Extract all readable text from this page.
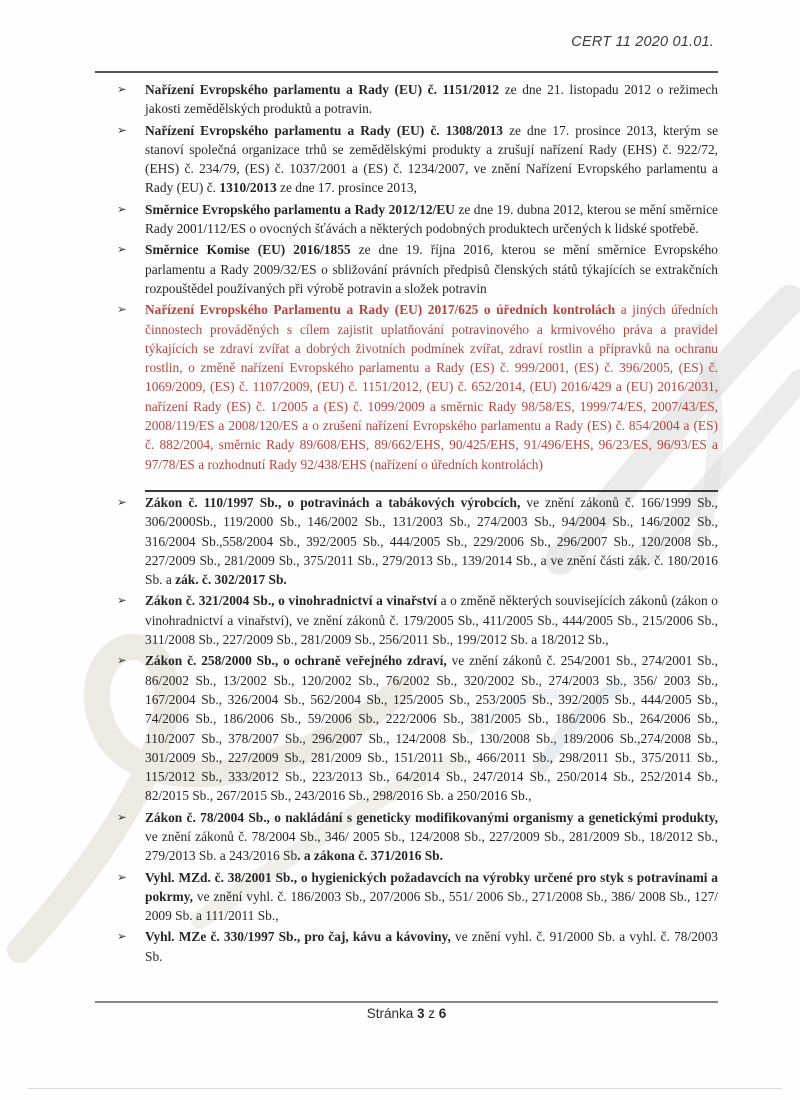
CERT 11 2020 01.01.
➢ Nařízení Evropského parlamentu a Rady (EU) č. 1151/2012 ze dne 21. listopadu 2012 o režimech jakosti zemědělských produktů a potravin.
➢ Nařízení Evropského parlamentu a Rady (EU) č. 1308/2013 ze dne 17. prosince 2013, kterým se stanoví společná organizace trhů se zemědělskými produkty a zrušují nařízení Rady (EHS) č. 922/72, (EHS) č. 234/79, (ES) č. 1037/2001 a (ES) č. 1234/2007, ve znění Nařízení Evropského parlamentu a Rady (EU) č. 1310/2013 ze dne 17. prosince 2013,
➢ Směrnice Evropského parlamentu a Rady 2012/12/EU ze dne 19. dubna 2012, kterou se mění směrnice Rady 2001/112/ES o ovocných šťávách a některých podobných produktech určených k lidské spotřebě.
➢ Směrnice Komise (EU) 2016/1855 ze dne 19. října 2016, kterou se mění směrnice Evropského parlamentu a Rady 2009/32/ES o sbližování právních předpisů členských států týkajících se extrakčních rozpouštědel používaných při výrobě potravin a složek potravin
➢ Nařízení Evropského Parlamentu a Rady (EU) 2017/625 o úředních kontrolách a jiných úředních činnostech prováděných s cílem zajistit uplatňování potravinového a krmivového práva a pravidel týkajících se zdraví zvířat a dobrých životních podmínek zvířat, zdraví rostlin a přípravků na ochranu rostlin, o změně nařízení Evropského parlamentu a Rady (ES) č. 999/2001, (ES) č. 396/2005, (ES) č. 1069/2009, (ES) č. 1107/2009, (EU) č. 1151/2012, (EU) č. 652/2014, (EU) 2016/429 a (EU) 2016/2031, nařízení Rady (ES) č. 1/2005 a (ES) č. 1099/2009 a směrnic Rady 98/58/ES, 1999/74/ES, 2007/43/ES, 2008/119/ES a 2008/120/ES a o zrušení nařízení Evropského parlamentu a Rady (ES) č. 854/2004 a (ES) č. 882/2004, směrnic Rady 89/608/EHS, 89/662/EHS, 90/425/EHS, 91/496/EHS, 96/23/ES, 96/93/ES a 97/78/ES a rozhodnutí Rady 92/438/EHS (nařízení o úředních kontrolách)
➢ Zákon č. 110/1997 Sb., o potravinách a tabákových výrobcích, ve znění zákonů č. 166/1999 Sb., 306/2000Sb., 119/2000 Sb., 146/2002 Sb., 131/2003 Sb., 274/2003 Sb., 94/2004 Sb., 146/2002 Sb., 316/2004 Sb.,558/2004 Sb., 392/2005 Sb., 444/2005 Sb., 229/2006 Sb., 296/2007 Sb., 120/2008 Sb., 227/2009 Sb., 281/2009 Sb., 375/2011 Sb., 279/2013 Sb., 139/2014 Sb., a ve znění části zák. č. 180/2016 Sb. a zák. č. 302/2017 Sb.
➢ Zákon č. 321/2004 Sb., o vinohradnictví a vinařství a o změně některých souvisejících zákonů (zákon o vinohradnictví a vinařství), ve znění zákonů č. 179/2005 Sb., 411/2005 Sb., 444/2005 Sb., 215/2006 Sb., 311/2008 Sb., 227/2009 Sb., 281/2009 Sb., 256/2011 Sb., 199/2012 Sb. a 18/2012 Sb.,
➢ Zákon č. 258/2000 Sb., o ochraně veřejného zdraví, ve znění zákonů č. 254/2001 Sb., 274/2001 Sb., 86/2002 Sb., 13/2002 Sb., 120/2002 Sb., 76/2002 Sb., 320/2002 Sb., 274/2003 Sb., 356/ 2003 Sb., 167/2004 Sb., 326/2004 Sb., 562/2004 Sb., 125/2005 Sb., 253/2005 Sb., 392/2005 Sb., 444/2005 Sb., 74/2006 Sb., 186/2006 Sb., 59/2006 Sb., 222/2006 Sb., 381/2005 Sb., 186/2006 Sb., 264/2006 Sb., 110/2007 Sb., 378/2007 Sb., 296/2007 Sb., 124/2008 Sb., 130/2008 Sb., 189/2006 Sb.,274/2008 Sb., 301/2009 Sb., 227/2009 Sb., 281/2009 Sb., 151/2011 Sb., 466/2011 Sb., 298/2011 Sb., 375/2011 Sb., 115/2012 Sb., 333/2012 Sb., 223/2013 Sb., 64/2014 Sb., 247/2014 Sb., 250/2014 Sb., 252/2014 Sb., 82/2015 Sb., 267/2015 Sb., 243/2016 Sb., 298/2016 Sb. a 250/2016 Sb.,
➢ Zákon č. 78/2004 Sb., o nakládání s geneticky modifikovanými organismy a genetickými produkty, ve znění zákonů č. 78/2004 Sb., 346/ 2005 Sb., 124/2008 Sb., 227/2009 Sb., 281/2009 Sb., 18/2012 Sb., 279/2013 Sb. a 243/2016 Sb. a zákona č. 371/2016 Sb.
➢ Vyhl. MZd. č. 38/2001 Sb., o hygienických požadavcích na výrobky určené pro styk s potravinami a pokrmy, ve znění vyhl. č. 186/2003 Sb., 207/2006 Sb., 551/ 2006 Sb., 271/2008 Sb., 386/ 2008 Sb., 127/ 2009 Sb. a 111/2011 Sb.,
➢ Vyhl. MZe č. 330/1997 Sb., pro čaj, kávu a kávoviny, ve znění vyhl. č. 91/2000 Sb. a vyhl. č. 78/2003 Sb.
Stránka 3 z 6
